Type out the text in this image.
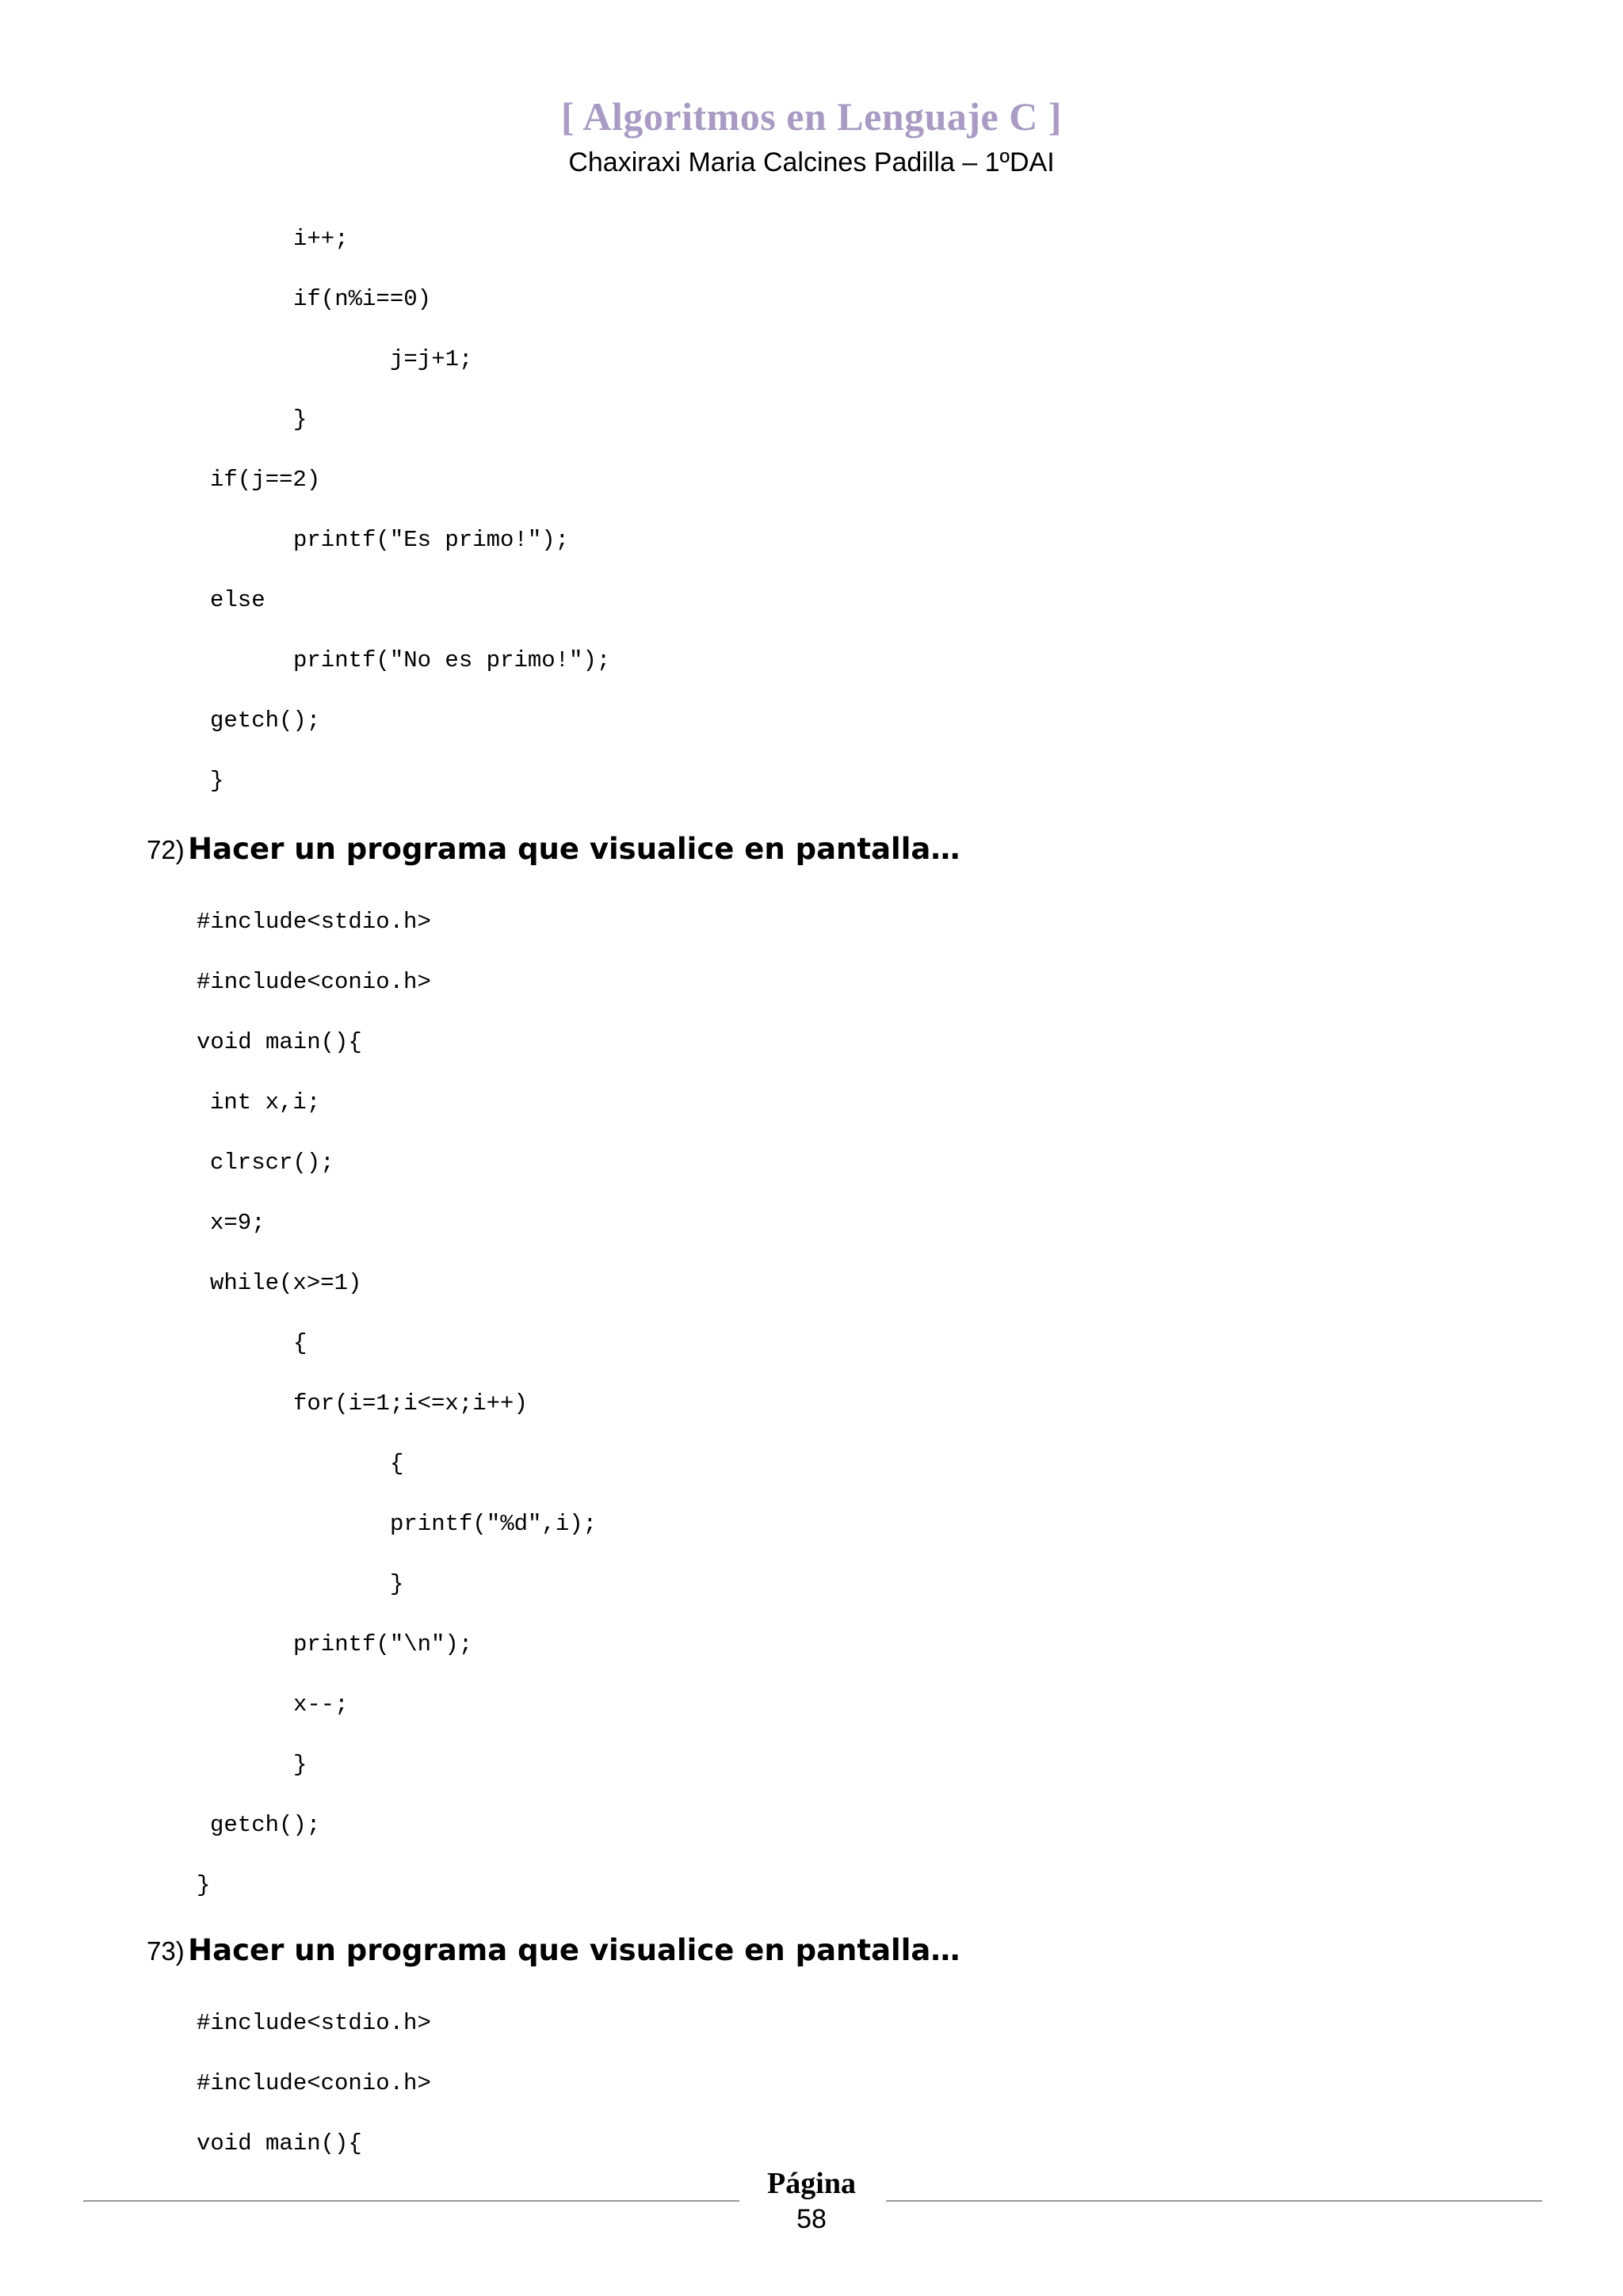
[ Algoritmos en Lenguaje C ]

Chaxiraxi Maria Calcines Padilla – 1ºDAI

i++;
if(n%i==0)
j=j+1;
}
if(j==2)
printf("Es primo!");
else
printf("No es primo!");
getch();
}

72) Hacer un programa que visualice en pantalla…

#include<stdio.h>
#include<conio.h>
void main(){
int x,i;
clrscr();
x=9;
while(x>=1)
{
for(i=1;i<=x;i++)
{
printf("%d",i);
}
printf("\n");
x--;
}
getch();
}

73) Hacer un programa que visualice en pantalla…

#include<stdio.h>
#include<conio.h>
void main(){

Página

58
